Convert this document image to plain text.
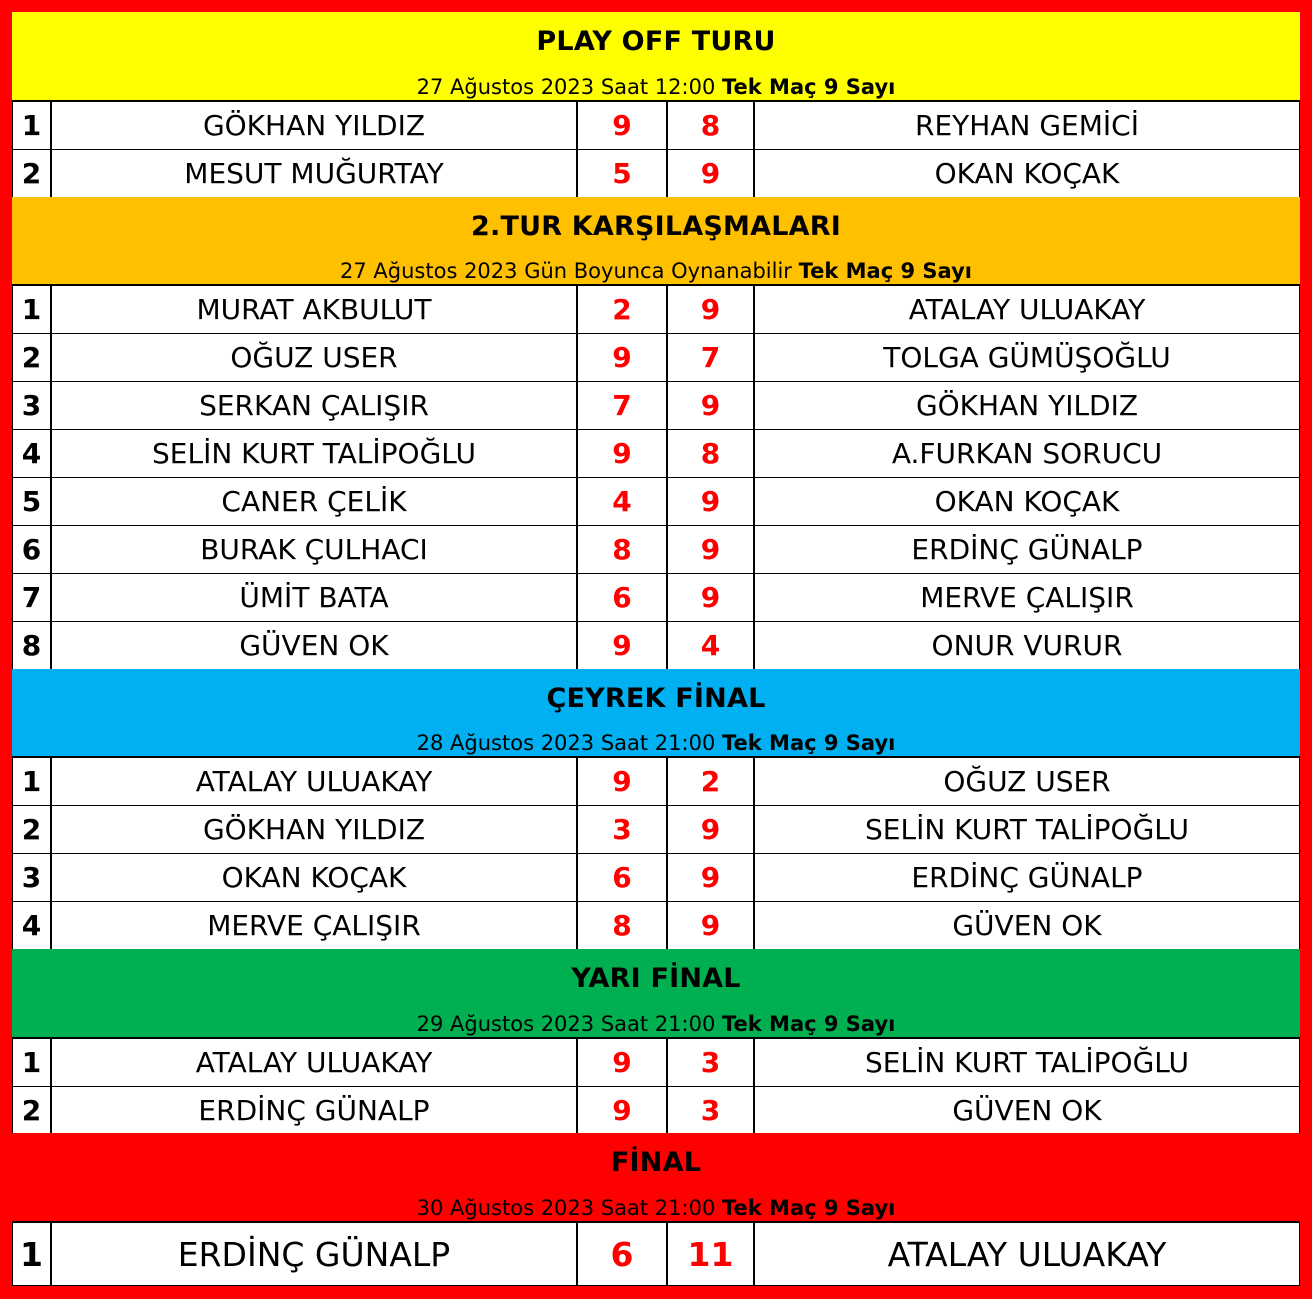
PLAY OFF TURU
27 Ağustos 2023 Saat 12:00 Tek Maç 9 Sayı
1	GÖKHAN YILDIZ	9	8	REYHAN GEMİCİ
2	MESUT MUĞURTAY	5	9	OKAN KOÇAK
2.TUR KARŞILAŞMALARI
27 Ağustos 2023 Gün Boyunca Oynanabilir Tek Maç 9 Sayı
1	MURAT AKBULUT	2	9	ATALAY ULUAKAY
2	OĞUZ USER	9	7	TOLGA GÜMÜŞOĞLU
3	SERKAN ÇALIŞIR	7	9	GÖKHAN YILDIZ
4	SELİN KURT TALİPOĞLU	9	8	A.FURKAN SORUCU
5	CANER ÇELİK	4	9	OKAN KOÇAK
6	BURAK ÇULHACI	8	9	ERDİNÇ GÜNALP
7	ÜMİT BATA	6	9	MERVE ÇALIŞIR
8	GÜVEN OK	9	4	ONUR VURUR
ÇEYREK FİNAL
28 Ağustos 2023 Saat 21:00 Tek Maç 9 Sayı
1	ATALAY ULUAKAY	9	2	OĞUZ USER
2	GÖKHAN YILDIZ	3	9	SELİN KURT TALİPOĞLU
3	OKAN KOÇAK	6	9	ERDİNÇ GÜNALP
4	MERVE ÇALIŞIR	8	9	GÜVEN OK
YARI FİNAL
29 Ağustos 2023 Saat 21:00 Tek Maç 9 Sayı
1	ATALAY ULUAKAY	9	3	SELİN KURT TALİPOĞLU
2	ERDİNÇ GÜNALP	9	3	GÜVEN OK
FİNAL
30 Ağustos 2023 Saat 21:00 Tek Maç 9 Sayı
1	ERDİNÇ GÜNALP	6	11	ATALAY ULUAKAY
